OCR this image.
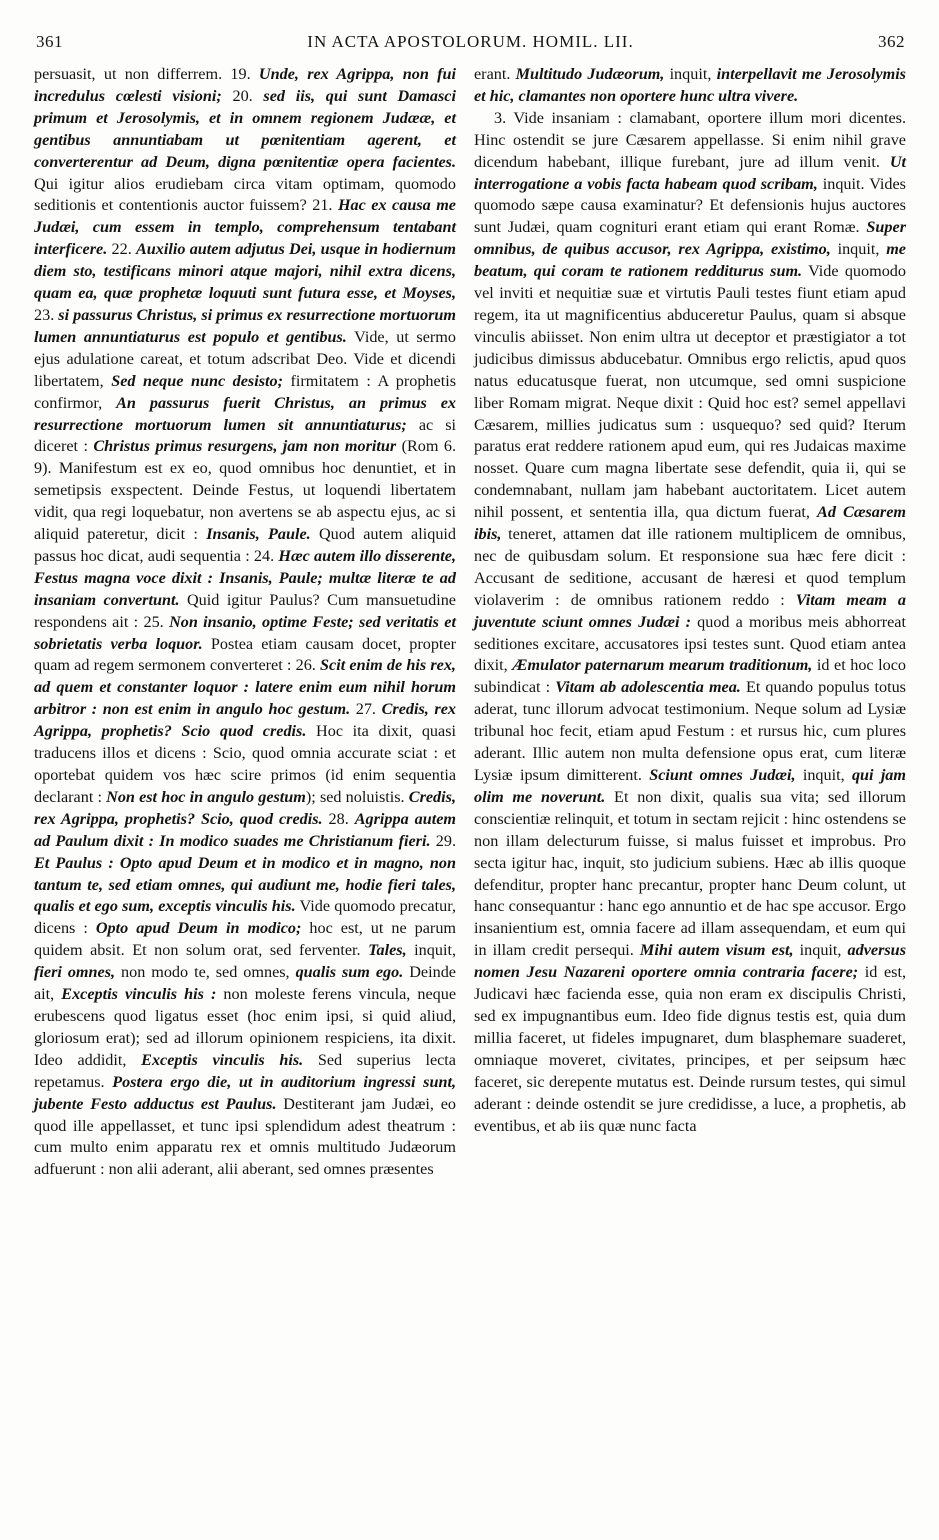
361	IN ACTA APOSTOLORUM. HOMIL. LII.	362

persuasit, ut non differrem. 19. Unde, rex Agrippa, non fui incredulus cœlesti visioni; 20. sed iis, qui sunt Damasci primum et Jerosolymis, et in omnem regionem Judææ, et gentibus annuntiabam ut pœnitentiam agerent, et converterentur ad Deum, digna pœnitentiæ opera facientes. Qui igitur alios erudiebam circa vitam optimam, quomodo seditionis et contentionis auctor fuissem? 21. Hac ex causa me Judæi, cum essem in templo, comprehensum tentabant interficere. 22. Auxilio autem adjutus Dei, usque in hodiernum diem sto, testificans minori atque majori, nihil extra dicens, quam ea, quæ prophetæ loquuti sunt futura esse, et Moyses, 23. si passurus Christus, si primus ex resurrectione mortuorum lumen annuntiaturus est populo et gentibus. Vide, ut sermo ejus adulatione careat, et totum adscribat Deo. Vide et dicendi libertatem, Sed neque nunc desisto; firmitatem : A prophetis confirmor, An passurus fuerit Christus, an primus ex resurrectione mortuorum lumen sit annuntiaturus; ac si diceret : Christus primus resurgens, jam non moritur (Rom 6. 9). Manifestum est ex eo, quod omnibus hoc denuntiet, et in semetipsis exspectent. Deinde Festus, ut loquendi libertatem vidit, qua regi loquebatur, non avertens se ab aspectu ejus, ac si aliquid pateretur, dicit : Insanis, Paule. Quod autem aliquid passus hoc dicat, audi sequentia : 24. Hæc autem illo disserente, Festus magna voce dixit : Insanis, Paule; multæ literæ te ad insaniam convertunt. Quid igitur Paulus? Cum mansuetudine respondens ait : 25. Non insanio, optime Feste; sed veritatis et sobrietatis verba loquor. Postea etiam causam docet, propter quam ad regem sermonem converteret : 26. Scit enim de his rex, ad quem et constanter loquor : latere enim eum nihil horum arbitror : non est enim in angulo hoc gestum. 27. Credis, rex Agrippa, prophetis? Scio quod credis. Hoc ita dixit, quasi traducens illos et dicens : Scio, quod omnia accurate sciat : et oportebat quidem vos hæc scire primos (id enim sequentia declarant : Non est hoc in angulo gestum); sed noluistis. Credis, rex Agrippa, prophetis? Scio, quod credis. 28. Agrippa autem ad Paulum dixit : In modico suades me Christianum fieri. 29. Et Paulus : Opto apud Deum et in modico et in magno, non tantum te, sed etiam omnes, qui audiunt me, hodie fieri tales, qualis et ego sum, exceptis vinculis his. Vide quomodo precatur, dicens : Opto apud Deum in modico; hoc est, ut ne parum quidem absit. Et non solum orat, sed ferventer. Tales, inquit, fieri omnes, non modo te, sed omnes, qualis sum ego. Deinde ait, Exceptis vinculis his : non moleste ferens vincula, neque erubescens quod ligatus esset (hoc enim ipsi, si quid aliud, gloriosum erat); sed ad illorum opinionem respiciens, ita dixit. Ideo addidit, Exceptis vinculis his. Sed superius lecta repetamus. Postera ergo die, ut in auditorium ingressi sunt, jubente Festo adductus est Paulus. Destiterant jam Judæi, eo quod ille appellasset, et tunc ipsi splendidum adest theatrum : cum multo enim apparatu rex et omnis multitudo Judæorum adfuerunt : non alii aderant, alii aberant, sed omnes præsentes

erant. Multitudo Judæorum, inquit, interpellavit me Jerosolymis et hic, clamantes non oportere hunc ultra vivere.

3. Vide insaniam : clamabant, oportere illum mori dicentes. Hinc ostendit se jure Cæsarem appellasse. Si enim nihil grave dicendum habebant, illique furebant, jure ad illum venit. Ut interrogatione a vobis facta habeam quod scribam, inquit. Vides quomodo sæpe causa examinatur? Et defensionis hujus auctores sunt Judæi, quam cognituri erant etiam qui erant Romæ. Super omnibus, de quibus accusor, rex Agrippa, existimo, inquit, me beatum, qui coram te rationem redditurus sum. Vide quomodo vel inviti et nequitiæ suæ et virtutis Pauli testes fiunt etiam apud regem, ita ut magnificentius abduceretur Paulus, quam si absque vinculis abiisset. Non enim ultra ut deceptor et præstigiator a tot judicibus dimissus abducebatur. Omnibus ergo relictis, apud quos natus educatusque fuerat, non utcumque, sed omni suspicione liber Romam migrat. Neque dixit : Quid hoc est? semel appellavi Cæsarem, millies judicatus sum : usquequo? sed quid? Iterum paratus erat reddere rationem apud eum, qui res Judaicas maxime nosset. Quare cum magna libertate sese defendit, quia ii, qui se condemnabant, nullam jam habebant auctoritatem. Licet autem nihil possent, et sententia illa, qua dictum fuerat, Ad Cæsarem ibis, teneret, attamen dat ille rationem multiplicem de omnibus, nec de quibusdam solum. Et responsione sua hæc fere dicit : Accusant de seditione, accusant de hæresi et quod templum violaverim : de omnibus rationem reddo : Vitam meam a juventute sciunt omnes Judæi : quod a moribus meis abhorreat seditiones excitare, accusatores ipsi testes sunt. Quod etiam antea dixit, Æmulator paternarum mearum traditionum, id et hoc loco subindicat : Vitam ab adolescentia mea. Et quando populus totus aderat, tunc illorum advocat testimonium. Neque solum ad Lysiæ tribunal hoc fecit, etiam apud Festum : et rursus hic, cum plures aderant. Illic autem non multa defensione opus erat, cum literæ Lysiæ ipsum dimitterent. Sciunt omnes Judæi, inquit, qui jam olim me noverunt. Et non dixit, qualis sua vita; sed illorum conscientiæ relinquit, et totum in sectam rejicit : hinc ostendens se non illam delecturum fuisse, si malus fuisset et improbus. Pro secta igitur hac, inquit, sto judicium subiens. Hæc ab illis quoque defenditur, propter hanc precantur, propter hanc Deum colunt, ut hanc consequantur : hanc ego annuntio et de hac spe accusor. Ergo insanientium est, omnia facere ad illam assequendam, et eum qui in illam credit persequi. Mihi autem visum est, inquit, adversus nomen Jesu Nazareni oportere omnia contraria facere; id est, Judicavi hæc facienda esse, quia non eram ex discipulis Christi, sed ex impugnantibus eum. Ideo fide dignus testis est, quia dum millia faceret, ut fideles impugnaret, dum blasphemare suaderet, omniaque moveret, civitates, principes, et per seipsum hæc faceret, sic derepente mutatus est. Deinde rursum testes, qui simul aderant : deinde ostendit se jure credidisse, a luce, a prophetis, ab eventibus, et ab iis quæ nunc facta
